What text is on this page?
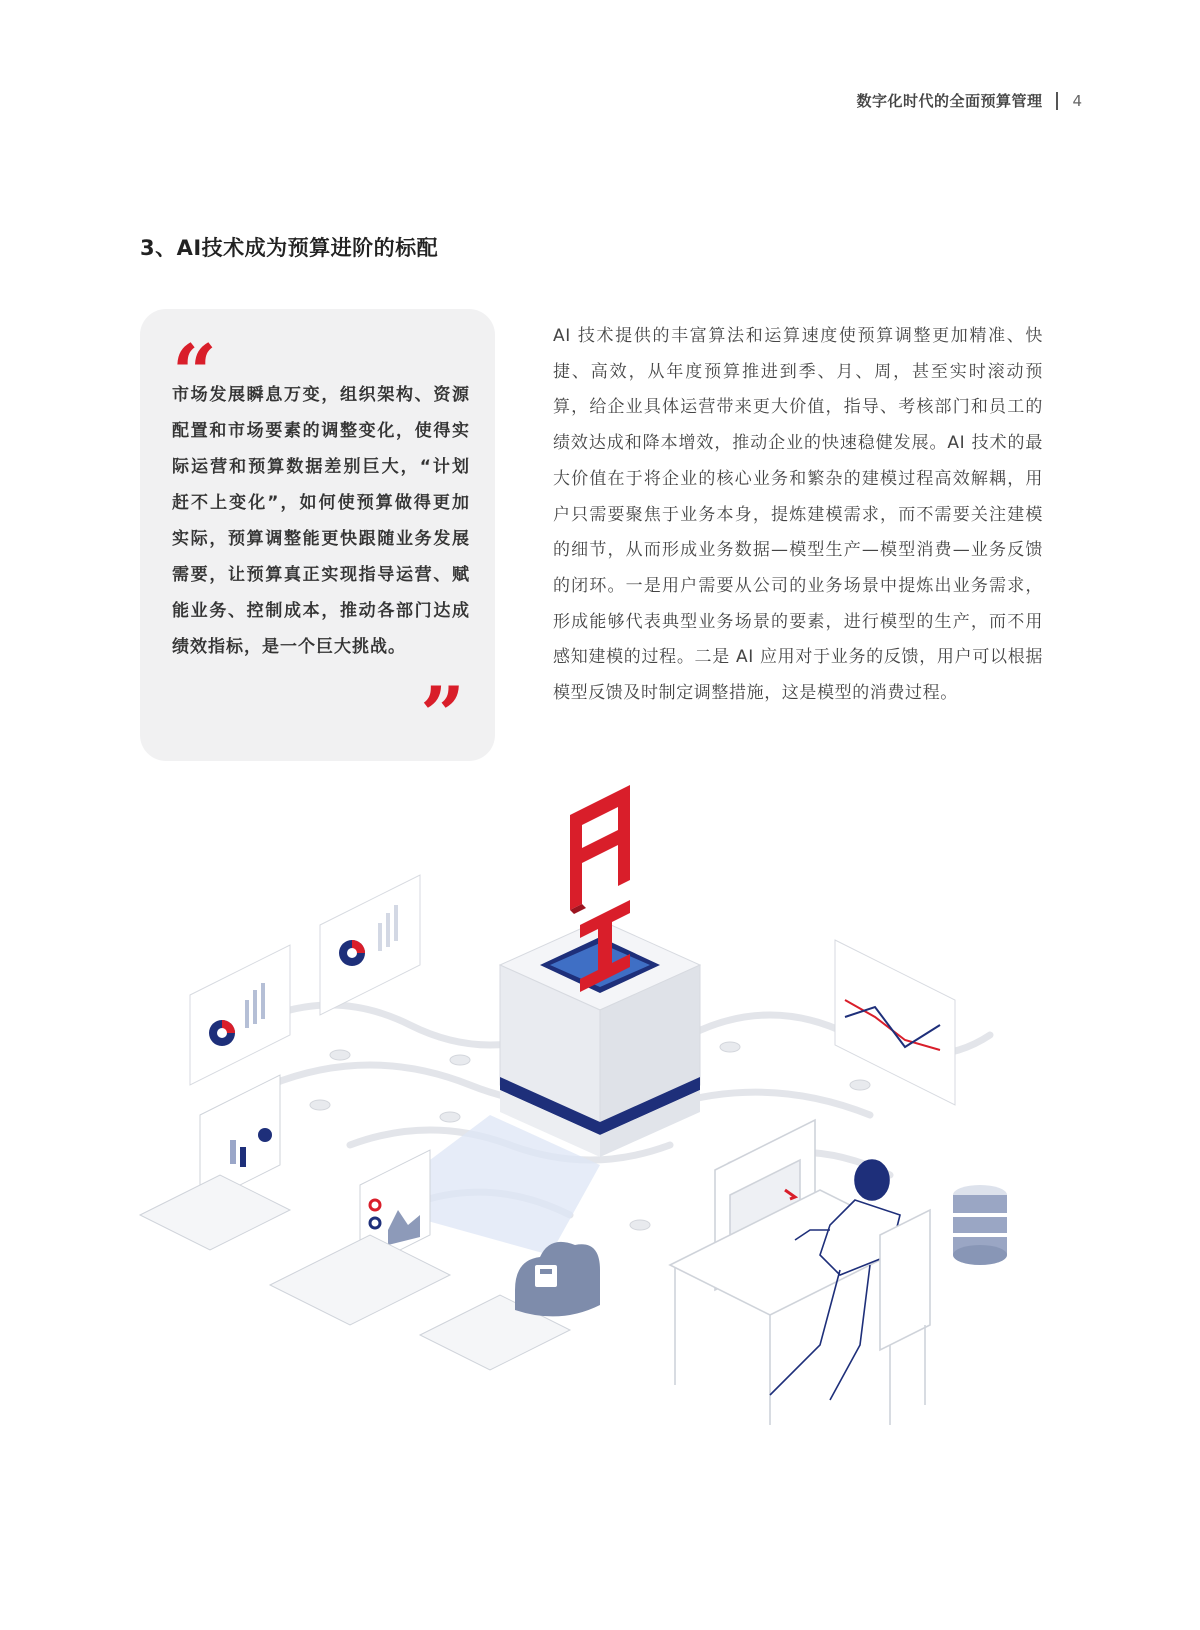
数字化时代的全面预算管理 4
3、AI技术成为预算进阶的标配
“
市场发展瞬息万变，组织架构、资源配置和市场要素的调整变化，使得实际运营和预算数据差别巨大，“计划赶不上变化”，如何使预算做得更加实际，预算调整能更快跟随业务发展需要，让预算真正实现指导运营、赋能业务、控制成本，推动各部门达成绩效指标，是一个巨大挑战。
”
AI 技术提供的丰富算法和运算速度使预算调整更加精准、快捷、高效，从年度预算推进到季、月、周，甚至实时滚动预算，给企业具体运营带来更大价值，指导、考核部门和员工的绩效达成和降本增效，推动企业的快速稳健发展。AI 技术的最大价值在于将企业的核心业务和繁杂的建模过程高效解耦，用户只需要聚焦于业务本身，提炼建模需求，而不需要关注建模的细节，从而形成业务数据—模型生产—模型消费—业务反馈的闭环。一是用户需要从公司的业务场景中提炼出业务需求，形成能够代表典型业务场景的要素，进行模型的生产，而不用感知建模的过程。二是 AI 应用对于业务的反馈，用户可以根据模型反馈及时制定调整措施，这是模型的消费过程。
